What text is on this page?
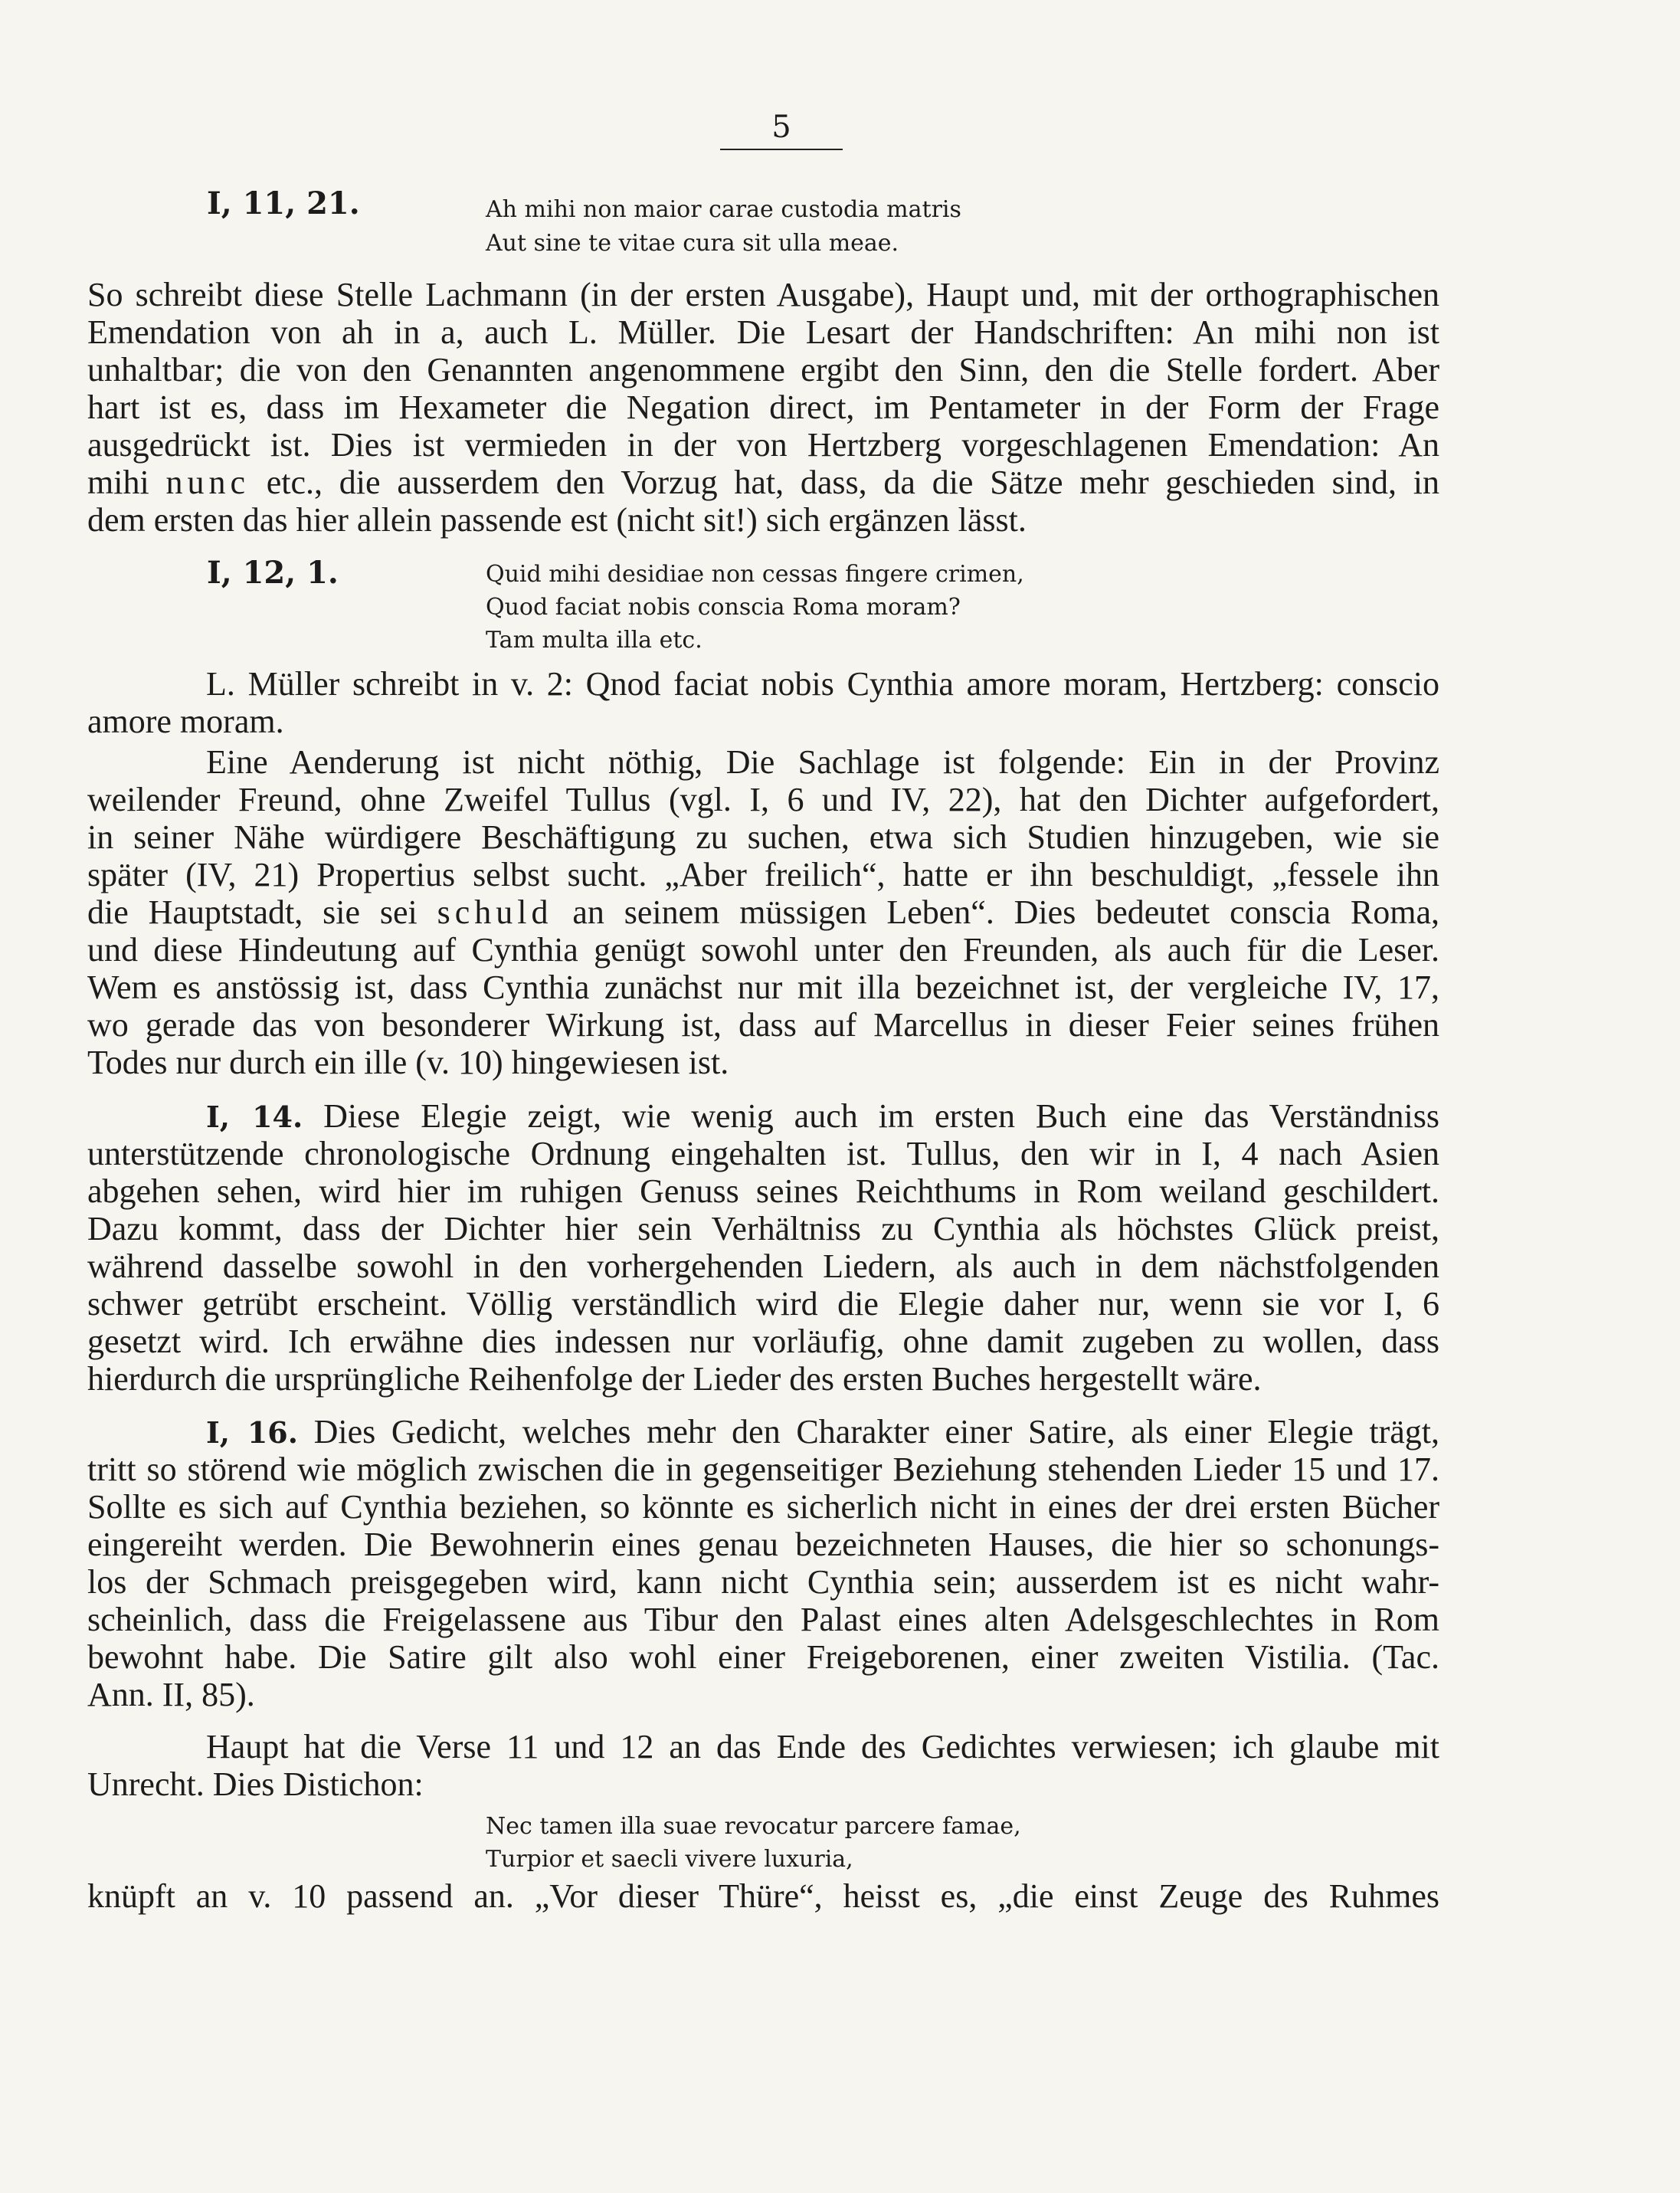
5
I, 11, 21.	Ah mihi non maior carae custodia matris
Aut sine te vitae cura sit ulla meae.
So schreibt diese Stelle Lachmann (in der ersten Ausgabe), Haupt und, mit der orthographischen
Emendation von ah in a, auch L. Müller. Die Lesart der Handschriften: An mihi non ist
unhaltbar; die von den Genannten angenommene ergibt den Sinn, den die Stelle fordert. Aber
hart ist es, dass im Hexameter die Negation direct, im Pentameter in der Form der Frage
ausgedrückt ist. Dies ist vermieden in der von Hertzberg vorgeschlagenen Emendation: An
mihi nunc etc., die ausserdem den Vorzug hat, dass, da die Sätze mehr geschieden sind, in
dem ersten das hier allein passende est (nicht sit!) sich ergänzen lässt.
I, 12, 1.	Quid mihi desidiae non cessas fingere crimen,
Quod faciat nobis conscia Roma moram?
Tam multa illa etc.
L. Müller schreibt in v. 2: Qnod faciat nobis Cynthia amore moram, Hertzberg: conscio
amore moram.
Eine Aenderung ist nicht nöthig, Die Sachlage ist folgende: Ein in der Provinz
weilender Freund, ohne Zweifel Tullus (vgl. I, 6 und IV, 22), hat den Dichter aufgefordert,
in seiner Nähe würdigere Beschäftigung zu suchen, etwa sich Studien hinzugeben, wie sie
später (IV, 21) Propertius selbst sucht. „Aber freilich“, hatte er ihn beschuldigt, „fessele ihn
die Hauptstadt, sie sei schuld an seinem müssigen Leben“. Dies bedeutet conscia Roma,
und diese Hindeutung auf Cynthia genügt sowohl unter den Freunden, als auch für die Leser.
Wem es anstössig ist, dass Cynthia zunächst nur mit illa bezeichnet ist, der vergleiche IV, 17,
wo gerade das von besonderer Wirkung ist, dass auf Marcellus in dieser Feier seines frühen
Todes nur durch ein ille (v. 10) hingewiesen ist.
I, 14. Diese Elegie zeigt, wie wenig auch im ersten Buch eine das Verständniss
unterstützende chronologische Ordnung eingehalten ist. Tullus, den wir in I, 4 nach Asien
abgehen sehen, wird hier im ruhigen Genuss seines Reichthums in Rom weiland geschildert.
Dazu kommt, dass der Dichter hier sein Verhältniss zu Cynthia als höchstes Glück preist,
während dasselbe sowohl in den vorhergehenden Liedern, als auch in dem nächstfolgenden
schwer getrübt erscheint. Völlig verständlich wird die Elegie daher nur, wenn sie vor I, 6
gesetzt wird. Ich erwähne dies indessen nur vorläufig, ohne damit zugeben zu wollen, dass
hierdurch die ursprüngliche Reihenfolge der Lieder des ersten Buches hergestellt wäre.
I, 16. Dies Gedicht, welches mehr den Charakter einer Satire, als einer Elegie trägt,
tritt so störend wie möglich zwischen die in gegenseitiger Beziehung stehenden Lieder 15 und 17.
Sollte es sich auf Cynthia beziehen, so könnte es sicherlich nicht in eines der drei ersten Bücher
eingereiht werden. Die Bewohnerin eines genau bezeichneten Hauses, die hier so schonungs-
los der Schmach preisgegeben wird, kann nicht Cynthia sein; ausserdem ist es nicht wahr-
scheinlich, dass die Freigelassene aus Tibur den Palast eines alten Adelsgeschlechtes in Rom
bewohnt habe. Die Satire gilt also wohl einer Freigeborenen, einer zweiten Vistilia. (Tac.
Ann. II, 85).
Haupt hat die Verse 11 und 12 an das Ende des Gedichtes verwiesen; ich glaube mit
Unrecht. Dies Distichon:
Nec tamen illa suae revocatur parcere famae,
Turpior et saecli vivere luxuria,
knüpft an v. 10 passend an. „Vor dieser Thüre“, heisst es, „die einst Zeuge des Ruhmes
